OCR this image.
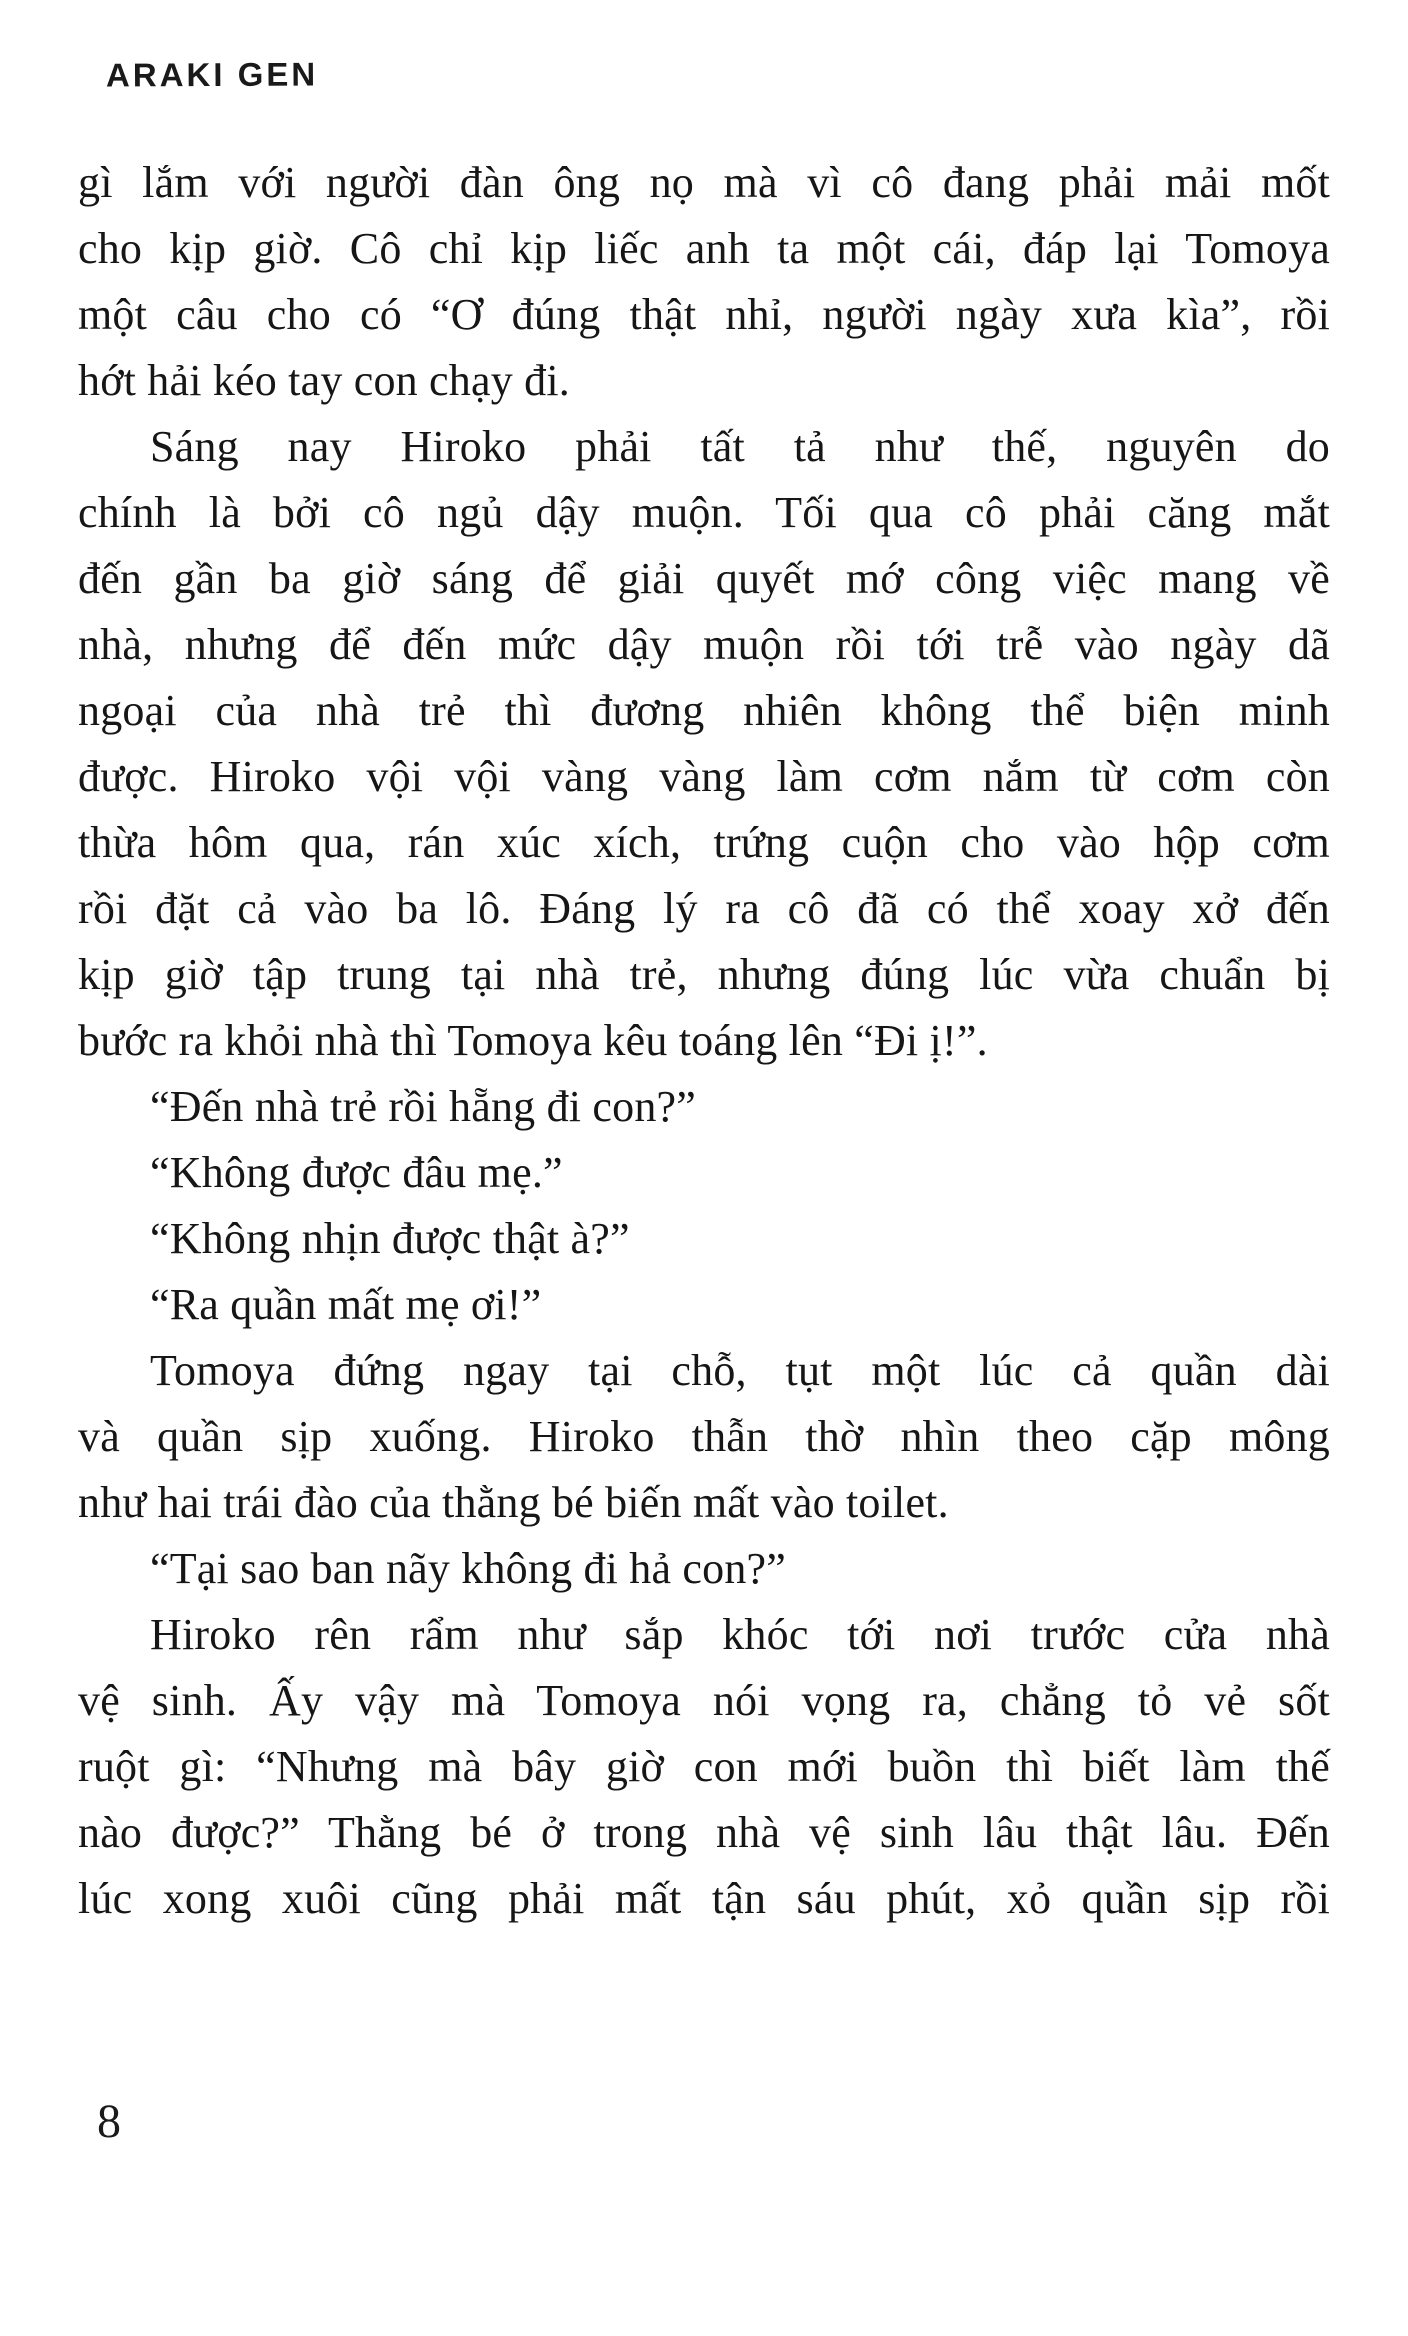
ARAKI GEN
gì lắm với người đàn ông nọ mà vì cô đang phải mải mốt
cho kịp giờ. Cô chỉ kịp liếc anh ta một cái, đáp lại Tomoya
một câu cho có “Ơ đúng thật nhỉ, người ngày xưa kìa”, rồi
hớt hải kéo tay con chạy đi.
Sáng nay Hiroko phải tất tả như thế, nguyên do
chính là bởi cô ngủ dậy muộn. Tối qua cô phải căng mắt
đến gần ba giờ sáng để giải quyết mớ công việc mang về
nhà, nhưng để đến mức dậy muộn rồi tới trễ vào ngày dã
ngoại của nhà trẻ thì đương nhiên không thể biện minh
được. Hiroko vội vội vàng vàng làm cơm nắm từ cơm còn
thừa hôm qua, rán xúc xích, trứng cuộn cho vào hộp cơm
rồi đặt cả vào ba lô. Đáng lý ra cô đã có thể xoay xở đến
kịp giờ tập trung tại nhà trẻ, nhưng đúng lúc vừa chuẩn bị
bước ra khỏi nhà thì Tomoya kêu toáng lên “Đi ị!”.
“Đến nhà trẻ rồi hẵng đi con?”
“Không được đâu mẹ.”
“Không nhịn được thật à?”
“Ra quần mất mẹ ơi!”
Tomoya đứng ngay tại chỗ, tụt một lúc cả quần dài
và quần sịp xuống. Hiroko thẫn thờ nhìn theo cặp mông
như hai trái đào của thằng bé biến mất vào toilet.
“Tại sao ban nãy không đi hả con?”
Hiroko rên rẩm như sắp khóc tới nơi trước cửa nhà
vệ sinh. Ấy vậy mà Tomoya nói vọng ra, chẳng tỏ vẻ sốt
ruột gì: “Nhưng mà bây giờ con mới buồn thì biết làm thế
nào được?” Thằng bé ở trong nhà vệ sinh lâu thật lâu. Đến
lúc xong xuôi cũng phải mất tận sáu phút, xỏ quần sịp rồi
8
